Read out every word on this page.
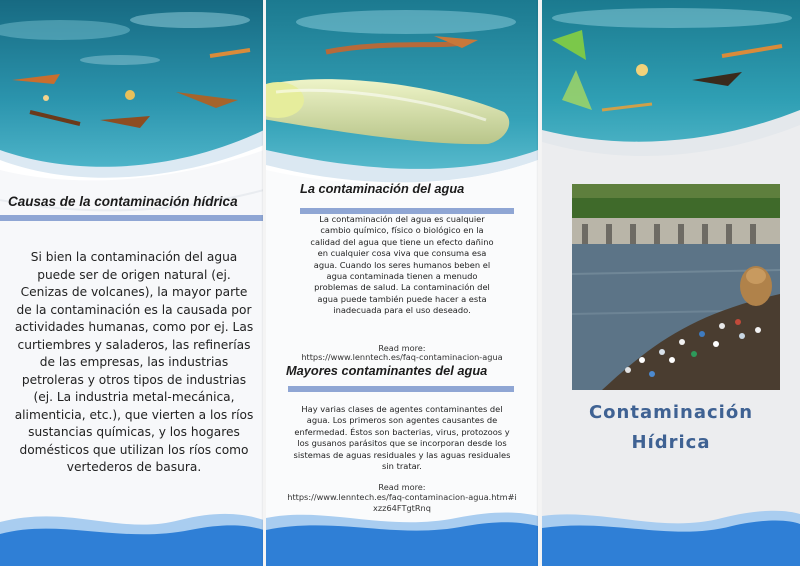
Causas de la contaminación hídrica
Si bien la contaminación del agua
puede ser de origen natural (ej.
Cenizas de volcanes), la mayor parte
de la contaminación es la causada por
actividades humanas, como por ej. Las
curtiembres y saladeros, las refinerías
de las empresas, las industrias
petroleras y otros tipos de industrias
(ej. La industria metal-mecánica,
alimenticia, etc.), que vierten a los ríos
sustancias químicas, y los hogares
domésticos que utilizan los ríos como
vertederos de basura.
La contaminación del agua
La contaminación del agua es cualquier
cambio químico, físico o biológico en la
calidad del agua que tiene un efecto dañino
en cualquier cosa viva que consuma esa
agua. Cuando los seres humanos beben el
agua contaminada tienen a menudo
problemas de salud. La contaminación del
agua puede también puede hacer a esta
inadecuada para el uso deseado.

Read more:

https://www.lenntech.es/faq-contaminacion-agua

Mayores contaminantes del agua
Hay varias clases de agentes contaminantes del
agua. Los primeros son agentes causantes de
enfermedad. Éstos son bacterias, virus, protozoos y
los gusanos parásitos que se incorporan desde los
sistemas de aguas residuales y las aguas residuales
sin tratar.

Read more:

https://www.lenntech.es/faq-contaminacion-agua.htm#i
xzz64FTgtRnq

Contaminación

Hídrica
